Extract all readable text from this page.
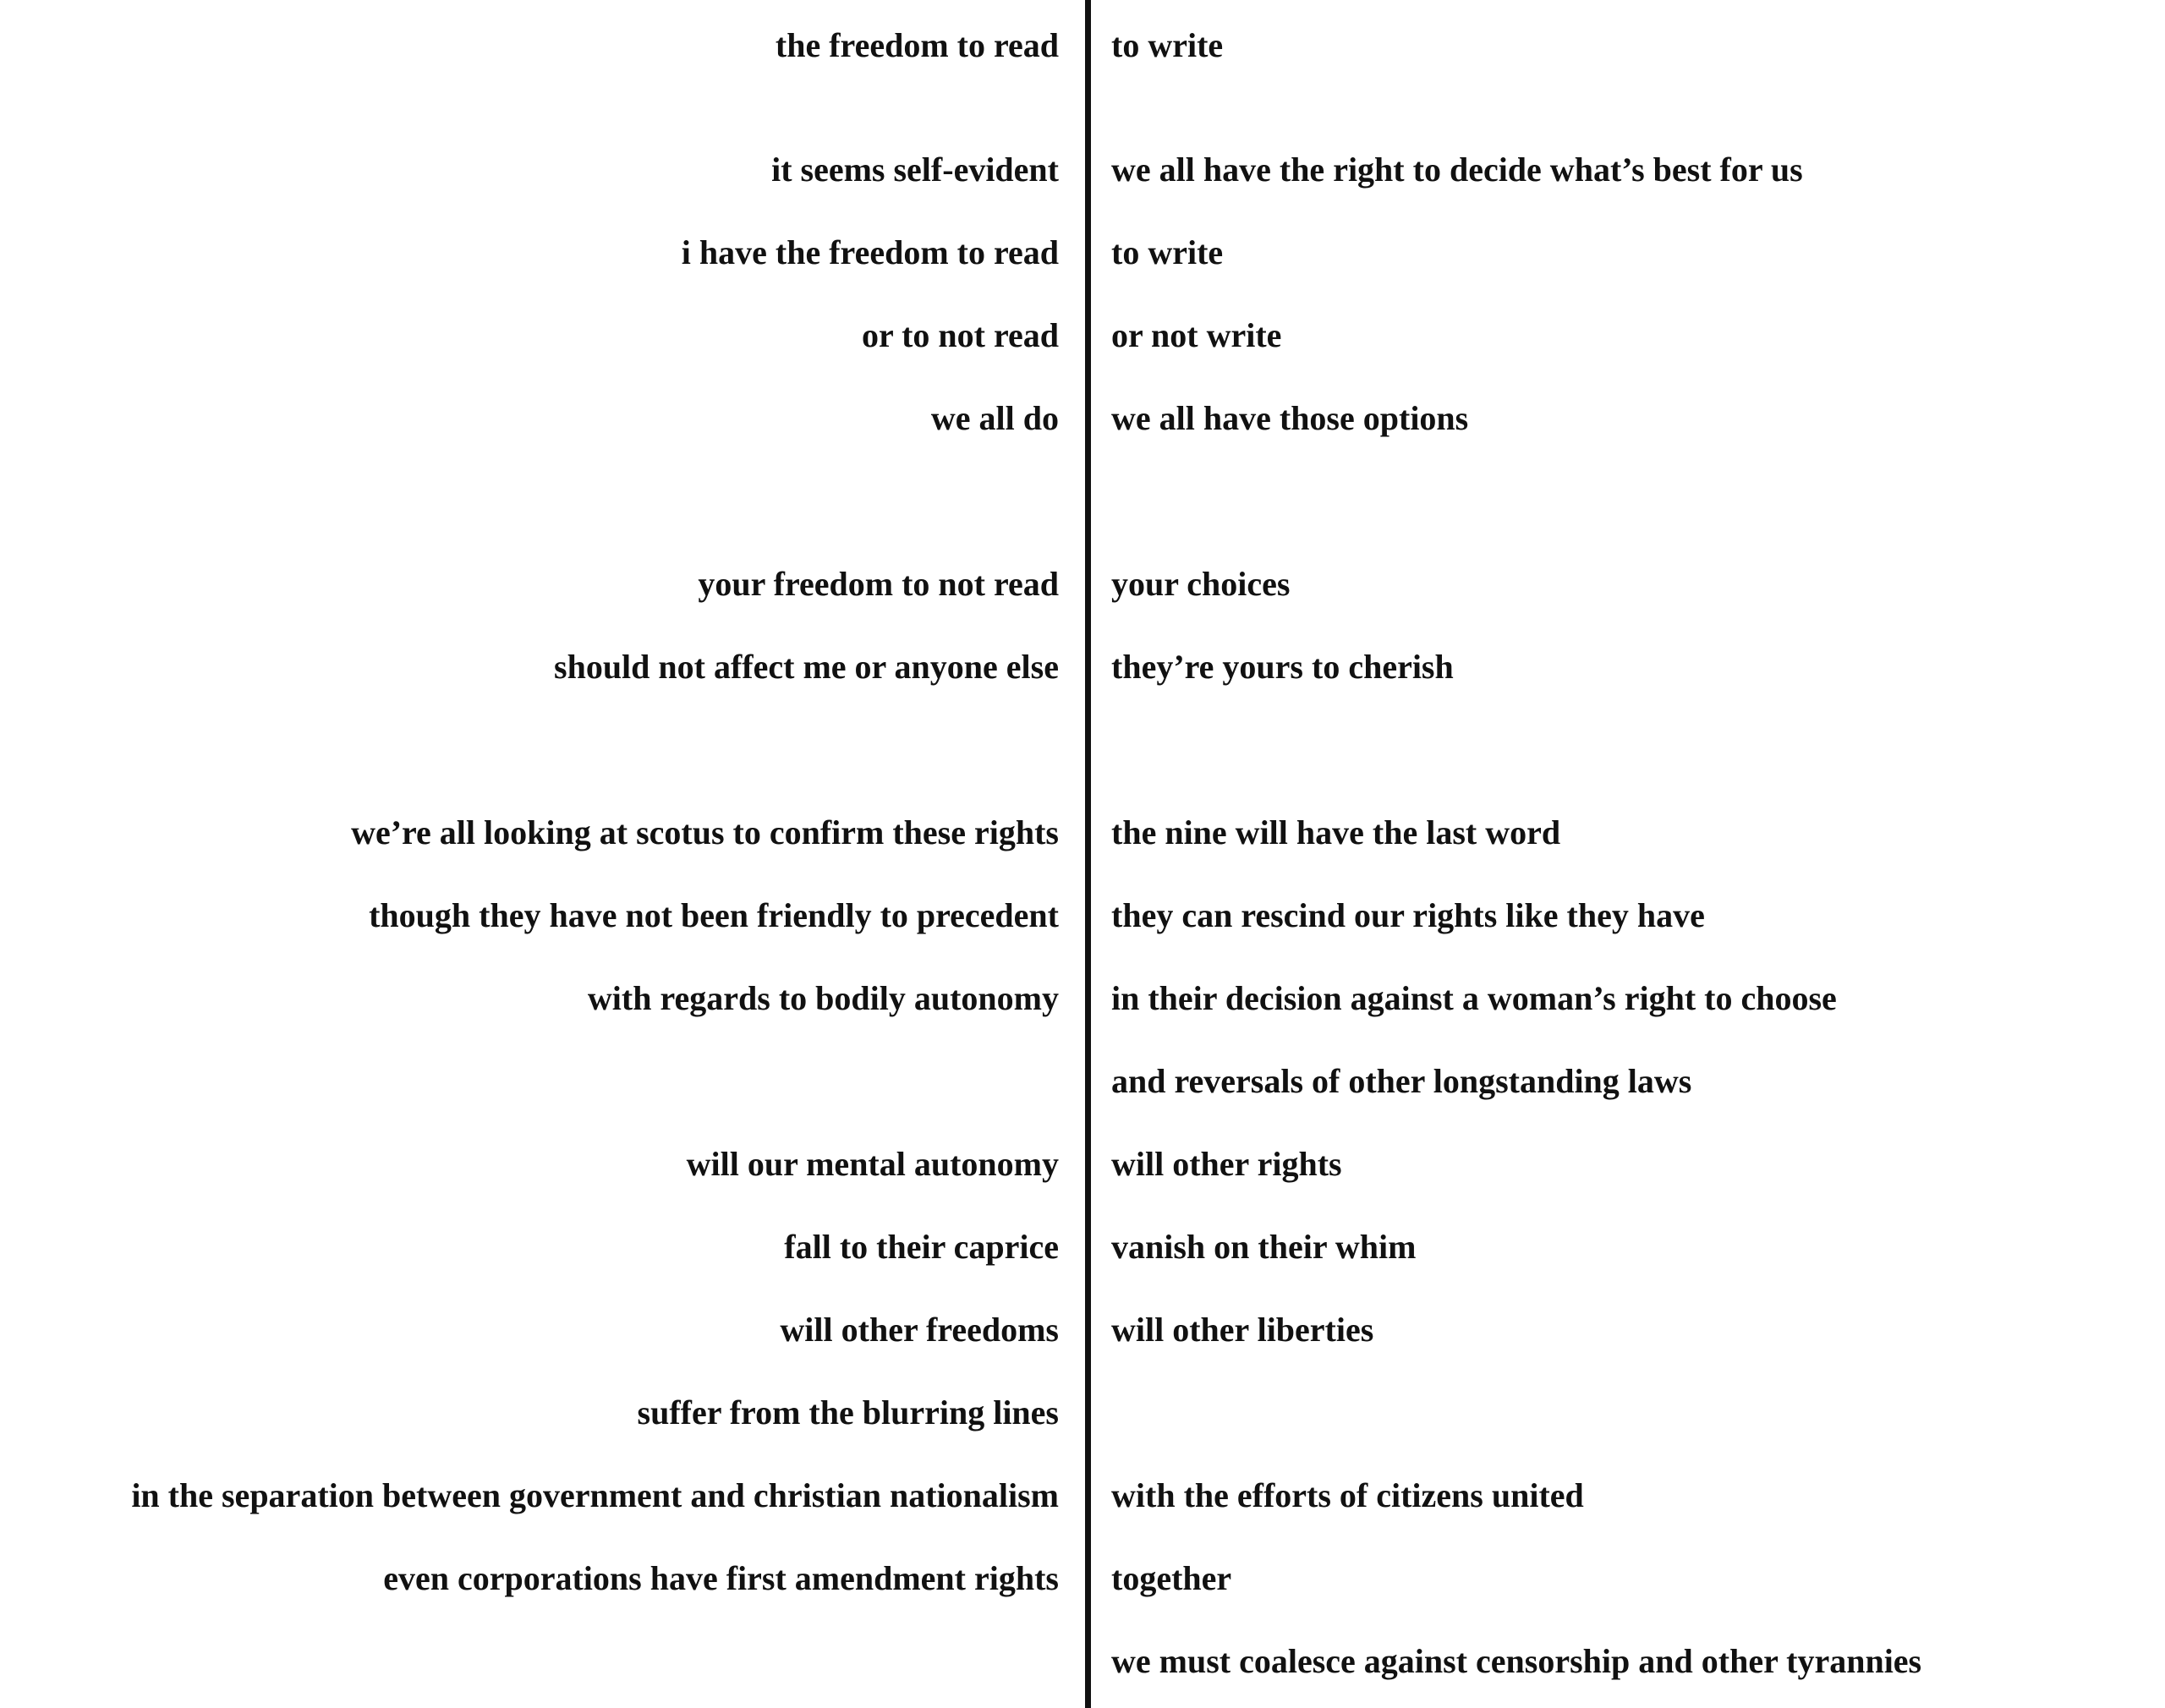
the freedom to read to write
it seems self-evident we all have the right to decide what’s best for us
i have the freedom to read to write
or to not read or not write
we all do we all have those options
your freedom to not read your choices
should not affect me or anyone else they’re yours to cherish
we’re all looking at scotus to confirm these rights the nine will have the last word
though they have not been friendly to precedent they can rescind our rights like they have
with regards to bodily autonomy in their decision against a woman’s right to choose
and reversals of other longstanding laws
will our mental autonomy will other rights
fall to their caprice vanish on their whim
will other freedoms will other liberties
suffer from the blurring lines
in the separation between government and christian nationalism with the efforts of citizens united
even corporations have first amendment rights together
we must coalesce against censorship and other tyrannies
